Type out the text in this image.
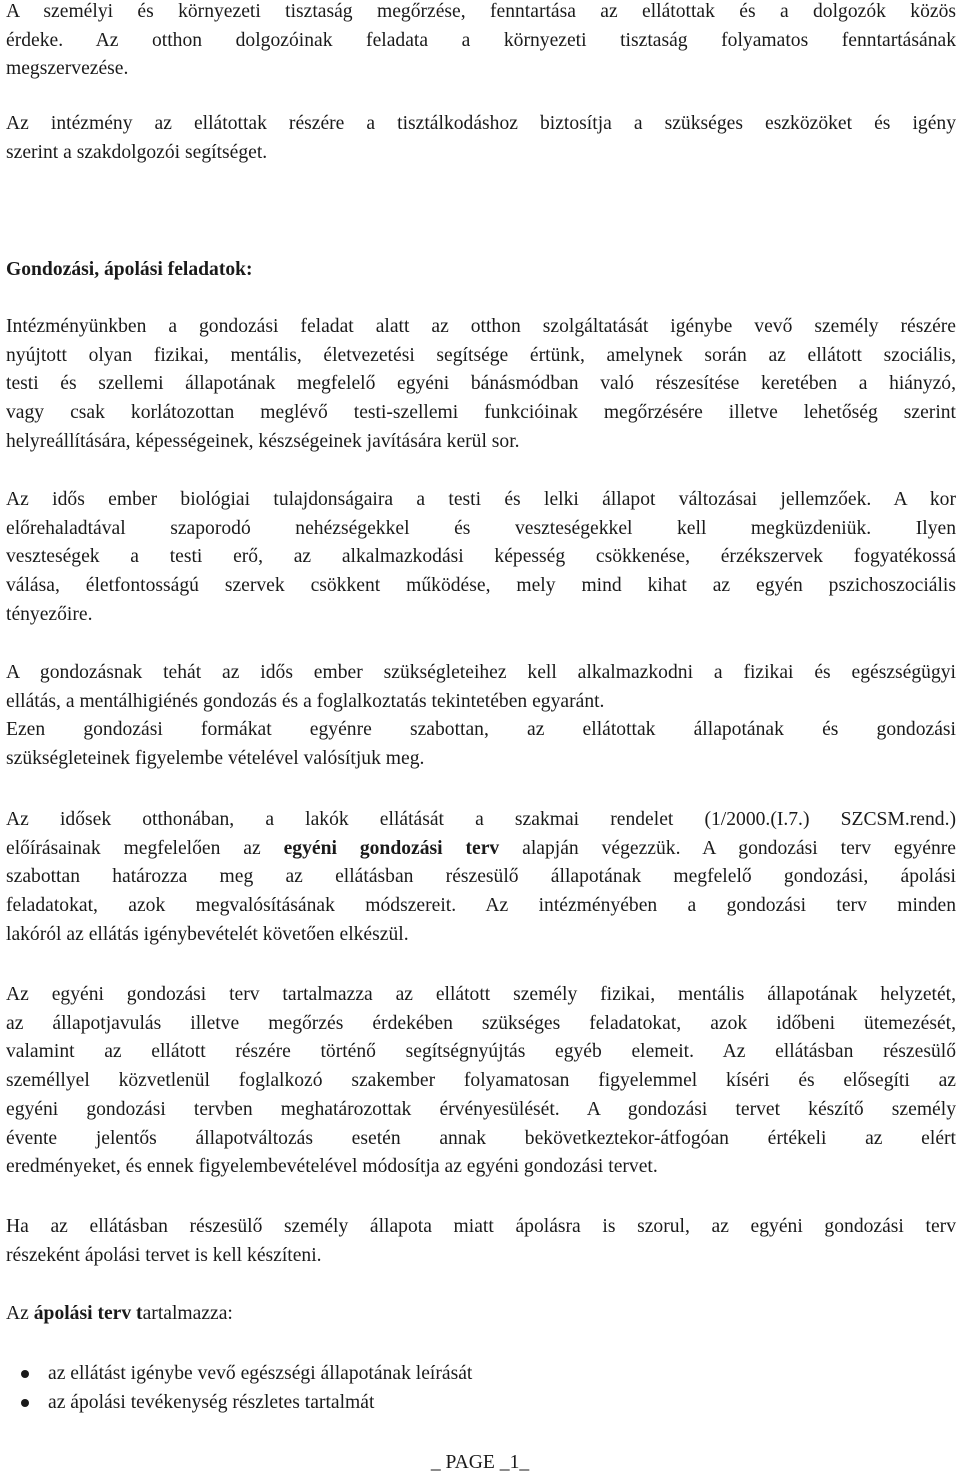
A személyi és környezeti tisztaság megőrzése, fenntartása az ellátottak és a dolgozók közös
érdeke. Az otthon dolgozóinak feladata a környezeti tisztaság folyamatos fenntartásának
megszervezése.

Az intézmény az ellátottak részére a tisztálkodáshoz biztosítja a szükséges eszközöket és igény
szerint a szakdolgozói segítséget.

Gondozási, ápolási feladatok:

Intézményünkben a gondozási feladat alatt az otthon szolgáltatását igénybe vevő személy részére
nyújtott olyan fizikai, mentális, életvezetési segítsége értünk, amelynek során az ellátott szociális,
testi és szellemi állapotának megfelelő egyéni bánásmódban való részesítése keretében a hiányzó,
vagy csak korlátozottan meglévő testi-szellemi funkcióinak megőrzésére illetve lehetőség szerint
helyreállítására, képességeinek, készségeinek javítására kerül sor.

Az idős ember biológiai tulajdonságaira a testi és lelki állapot változásai jellemzőek. A kor
előrehaladtával szaporodó nehézségekkel és veszteségekkel kell megküzdeniük. Ilyen
veszteségek a testi erő, az alkalmazkodási képesség csökkenése, érzékszervek fogyatékossá
válása, életfontosságú szervek csökkent működése, mely mind kihat az egyén pszichoszociális
tényezőire.

A gondozásnak tehát az idős ember szükségleteihez kell alkalmazkodni a fizikai és egészségügyi
ellátás, a mentálhigiénés gondozás és a foglalkoztatás tekintetében egyaránt.
Ezen gondozási formákat egyénre szabottan, az ellátottak állapotának és gondozási
szükségleteinek figyelembe vételével valósítjuk meg.

Az idősek otthonában, a lakók ellátását a szakmai rendelet (1/2000.(I.7.) SZCSM.rend.)
előírásainak megfelelően az egyéni gondozási terv alapján végezzük. A gondozási terv egyénre
szabottan határozza meg az ellátásban részesülő állapotának megfelelő gondozási, ápolási
feladatokat, azok megvalósításának módszereit. Az intézményében a gondozási terv minden
lakóról az ellátás igénybevételét követően elkészül.

Az egyéni gondozási terv tartalmazza az ellátott személy fizikai, mentális állapotának helyzetét,
az állapotjavulás illetve megőrzés érdekében szükséges feladatokat, azok időbeni ütemezését,
valamint az ellátott részére történő segítségnyújtás egyéb elemeit. Az ellátásban részesülő
személlyel közvetlenül foglalkozó szakember folyamatosan figyelemmel kíséri és elősegíti az
egyéni gondozási tervben meghatározottak érvényesülését. A gondozási tervet készítő személy
évente jelentős állapotváltozás esetén annak bekövetkeztekor-átfogóan értékeli az elért
eredményeket, és ennek figyelembevételével módosítja az egyéni gondozási tervet.

Ha az ellátásban részesülő személy állapota miatt ápolásra is szorul, az egyéni gondozási terv
részeként ápolási tervet is kell készíteni.

Az ápolási terv tartalmazza:

az ellátást igénybe vevő egészségi állapotának leírását
az ápolási tevékenység részletes tartalmát
_ PAGE _1_
